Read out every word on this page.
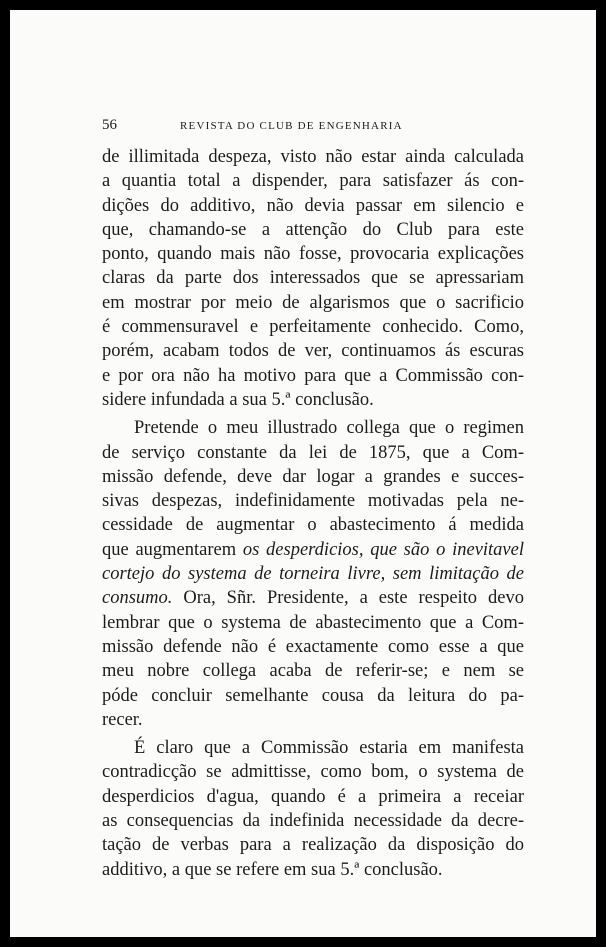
56	REVISTA DO CLUB DE ENGENHARIA
de illimitada despeza, visto não estar ainda calculada
a quantia total a dispender, para satisfazer ás con-
dições do additivo, não devia passar em silencio e
que, chamando-se a attenção do Club para este
ponto, quando mais não fosse, provocaria explicações
claras da parte dos interessados que se apressariam
em mostrar por meio de algarismos que o sacrificio
é commensuravel e perfeitamente conhecido. Como,
porém, acabam todos de ver, continuamos ás escuras
e por ora não ha motivo para que a Commissão con-
sidere infundada a sua 5.ª conclusão.
Pretende o meu illustrado collega que o regimen
de serviço constante da lei de 1875, que a Com-
missão defende, deve dar logar a grandes e succes-
sivas despezas, indefinidamente motivadas pela ne-
cessidade de augmentar o abastecimento á medida
que augmentarem os desperdicios, que são o inevitavel
cortejo do systema de torneira livre, sem limitação de
consumo. Ora, Sñr. Presidente, a este respeito devo
lembrar que o systema de abastecimento que a Com-
missão defende não é exactamente como esse a que
meu nobre collega acaba de referir-se; e nem se
póde concluir semelhante cousa da leitura do pa-
recer.
É claro que a Commissão estaria em manifesta
contradicção se admittisse, como bom, o systema de
desperdicios d'agua, quando é a primeira a receiar
as consequencias da indefinida necessidade da decre-
tação de verbas para a realização da disposição do
additivo, a que se refere em sua 5.ª conclusão.
